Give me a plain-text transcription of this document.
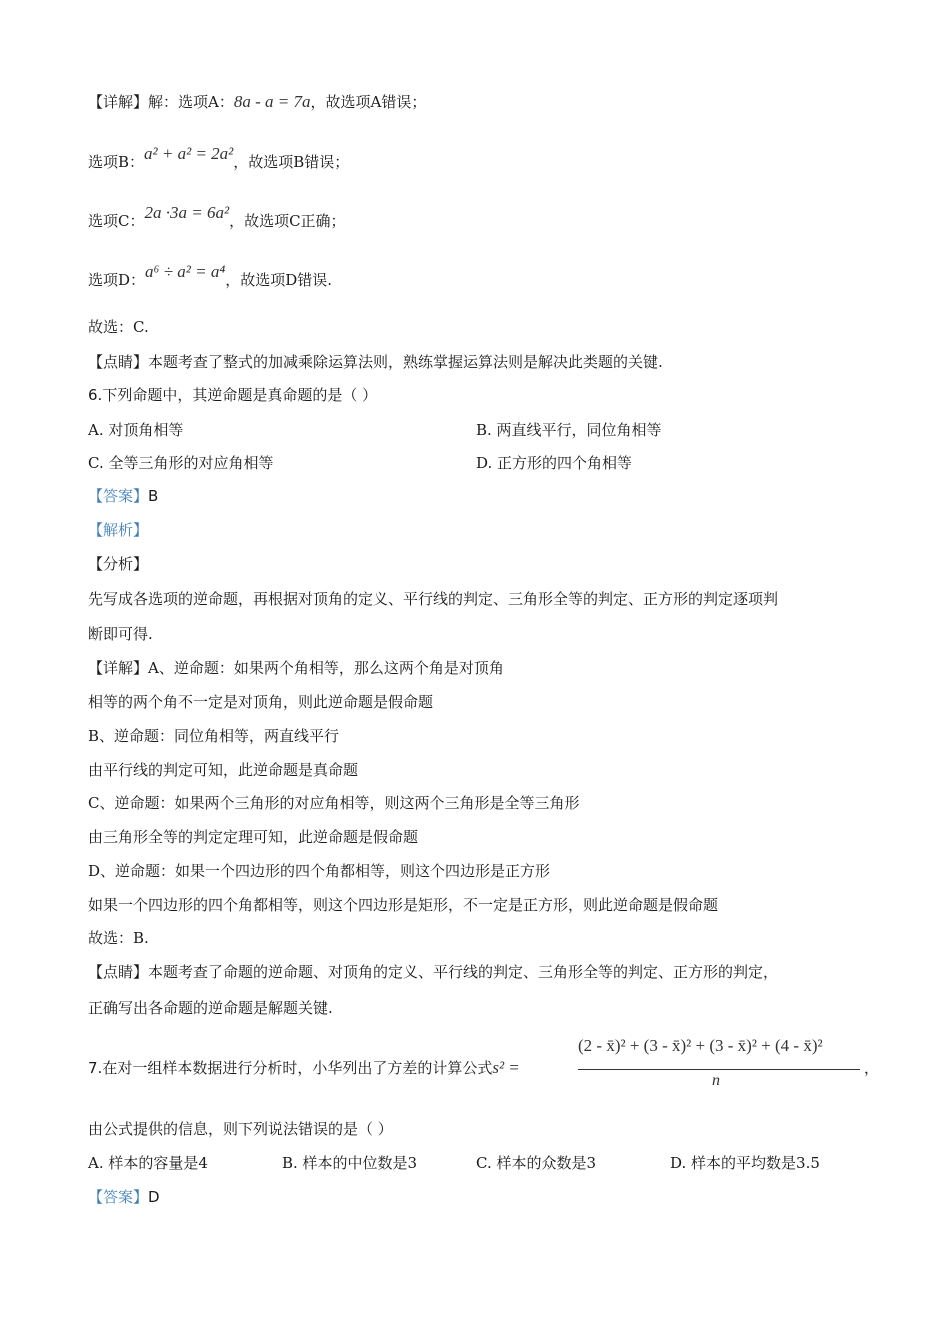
【详解】解：选项A：8a - a = 7a，故选项A错误；
选项B：a² + a² = 2a²，故选项B错误；
选项C：2a ·3a = 6a²，故选项C正确；
选项D：a⁶ ÷ a² = a⁴，故选项D错误.
故选：C.
【点睛】本题考查了整式的加减乘除运算法则，熟练掌握运算法则是解决此类题的关键.
6.下列命题中，其逆命题是真命题的是（ ）
A. 对顶角相等	B. 两直线平行，同位角相等
C. 全等三角形的对应角相等	D. 正方形的四个角相等
【答案】B
【解析】
【分析】
先写成各选项的逆命题，再根据对顶角的定义、平行线的判定、三角形全等的判定、正方形的判定逐项判
断即可得.
【详解】A、逆命题：如果两个角相等，那么这两个角是对顶角
相等的两个角不一定是对顶角，则此逆命题是假命题
B、逆命题：同位角相等，两直线平行
由平行线的判定可知，此逆命题是真命题
C、逆命题：如果两个三角形的对应角相等，则这两个三角形是全等三角形
由三角形全等的判定定理可知，此逆命题是假命题
D、逆命题：如果一个四边形的四个角都相等，则这个四边形是正方形
如果一个四边形的四个角都相等，则这个四边形是矩形，不一定是正方形，则此逆命题是假命题
故选：B.
【点睛】本题考查了命题的逆命题、对顶角的定义、平行线的判定、三角形全等的判定、正方形的判定，
正确写出各命题的逆命题是解题关键.
7.在对一组样本数据进行分析时，小华列出了方差的计算公式s² =
(2 - x̄)² + (3 - x̄)² + (3 - x̄)² + (4 - x̄)²
n
，
由公式提供的信息，则下列说法错误的是（ ）
A. 样本的容量是4	B. 样本的中位数是3	C. 样本的众数是3	D. 样本的平均数是3.5
【答案】D
